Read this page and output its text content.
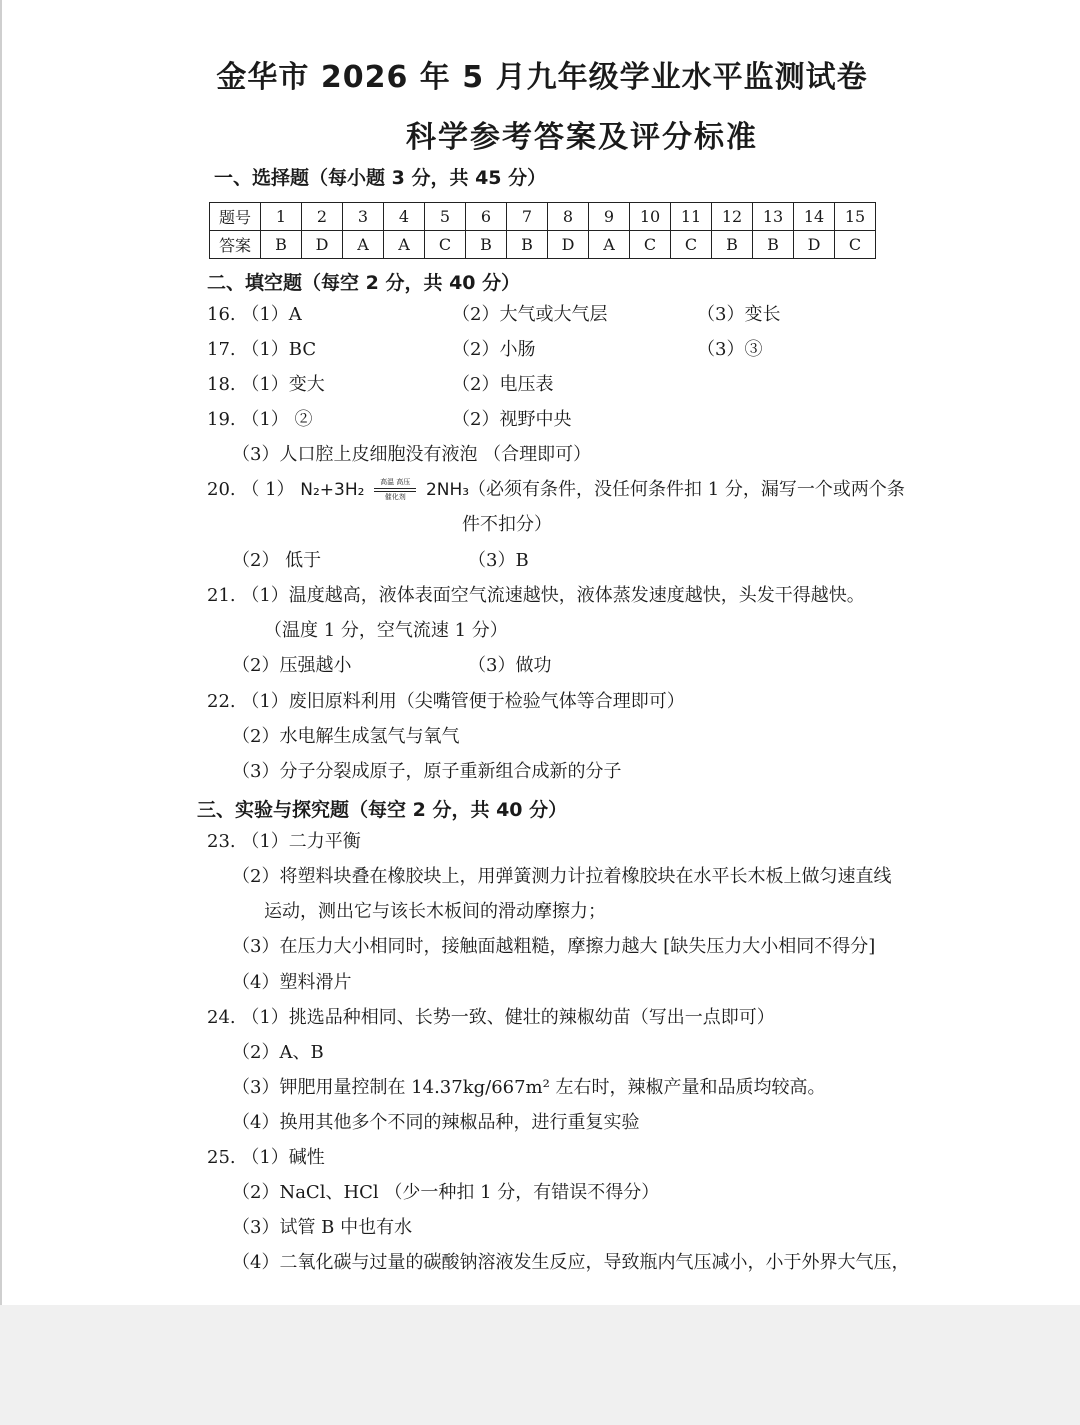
金华市 2026 年 5 月九年级学业水平监测试卷
科学参考答案及评分标准
一、选择题（每小题 3 分，共 45 分）
题号	1	2	3	4	5	6	7	8	9	10	11	12	13	14	15
答案	B	D	A	A	C	B	B	D	A	C	C	B	B	D	C
二、填空题（每空 2 分，共 40 分）
16. （1）A	（2）大气或大气层	（3）变长
17. （1）BC	（2）小肠	（3）③
18. （1）变大	（2）电压表
19. （1） ②	（2）视野中央
（3）人口腔上皮细胞没有液泡 （合理即可）
20. （ 1） N₂+3H₂	高温 高压
催化剂	2NH₃
（必须有条件，没任何条件扣 1 分，漏写一个或两个条
件不扣分）
（2） 低于	（3）B
21. （1）温度越高，液体表面空气流速越快，液体蒸发速度越快，头发干得越快。
（温度 1 分，空气流速 1 分）
（2）压强越小	（3）做功
22. （1）废旧原料利用（尖嘴管便于检验气体等合理即可）
（2）水电解生成氢气与氧气
（3）分子分裂成原子，原子重新组合成新的分子
三、实验与探究题（每空 2 分，共 40 分）
23. （1）二力平衡
（2）将塑料块叠在橡胶块上，用弹簧测力计拉着橡胶块在水平长木板上做匀速直线
运动，测出它与该长木板间的滑动摩擦力；
（3）在压力大小相同时，接触面越粗糙，摩擦力越大 [缺失压力大小相同不得分]
（4）塑料滑片
24. （1）挑选品种相同、长势一致、健壮的辣椒幼苗（写出一点即可）
（2）A、B
（3）钾肥用量控制在 14.37kg/667m² 左右时，辣椒产量和品质均较高。
（4）换用其他多个不同的辣椒品种，进行重复实验
25. （1）碱性
（2）NaCl、HCl （少一种扣 1 分，有错误不得分）
（3）试管 B 中也有水
（4）二氧化碳与过量的碳酸钠溶液发生反应，导致瓶内气压减小，小于外界大气压，
